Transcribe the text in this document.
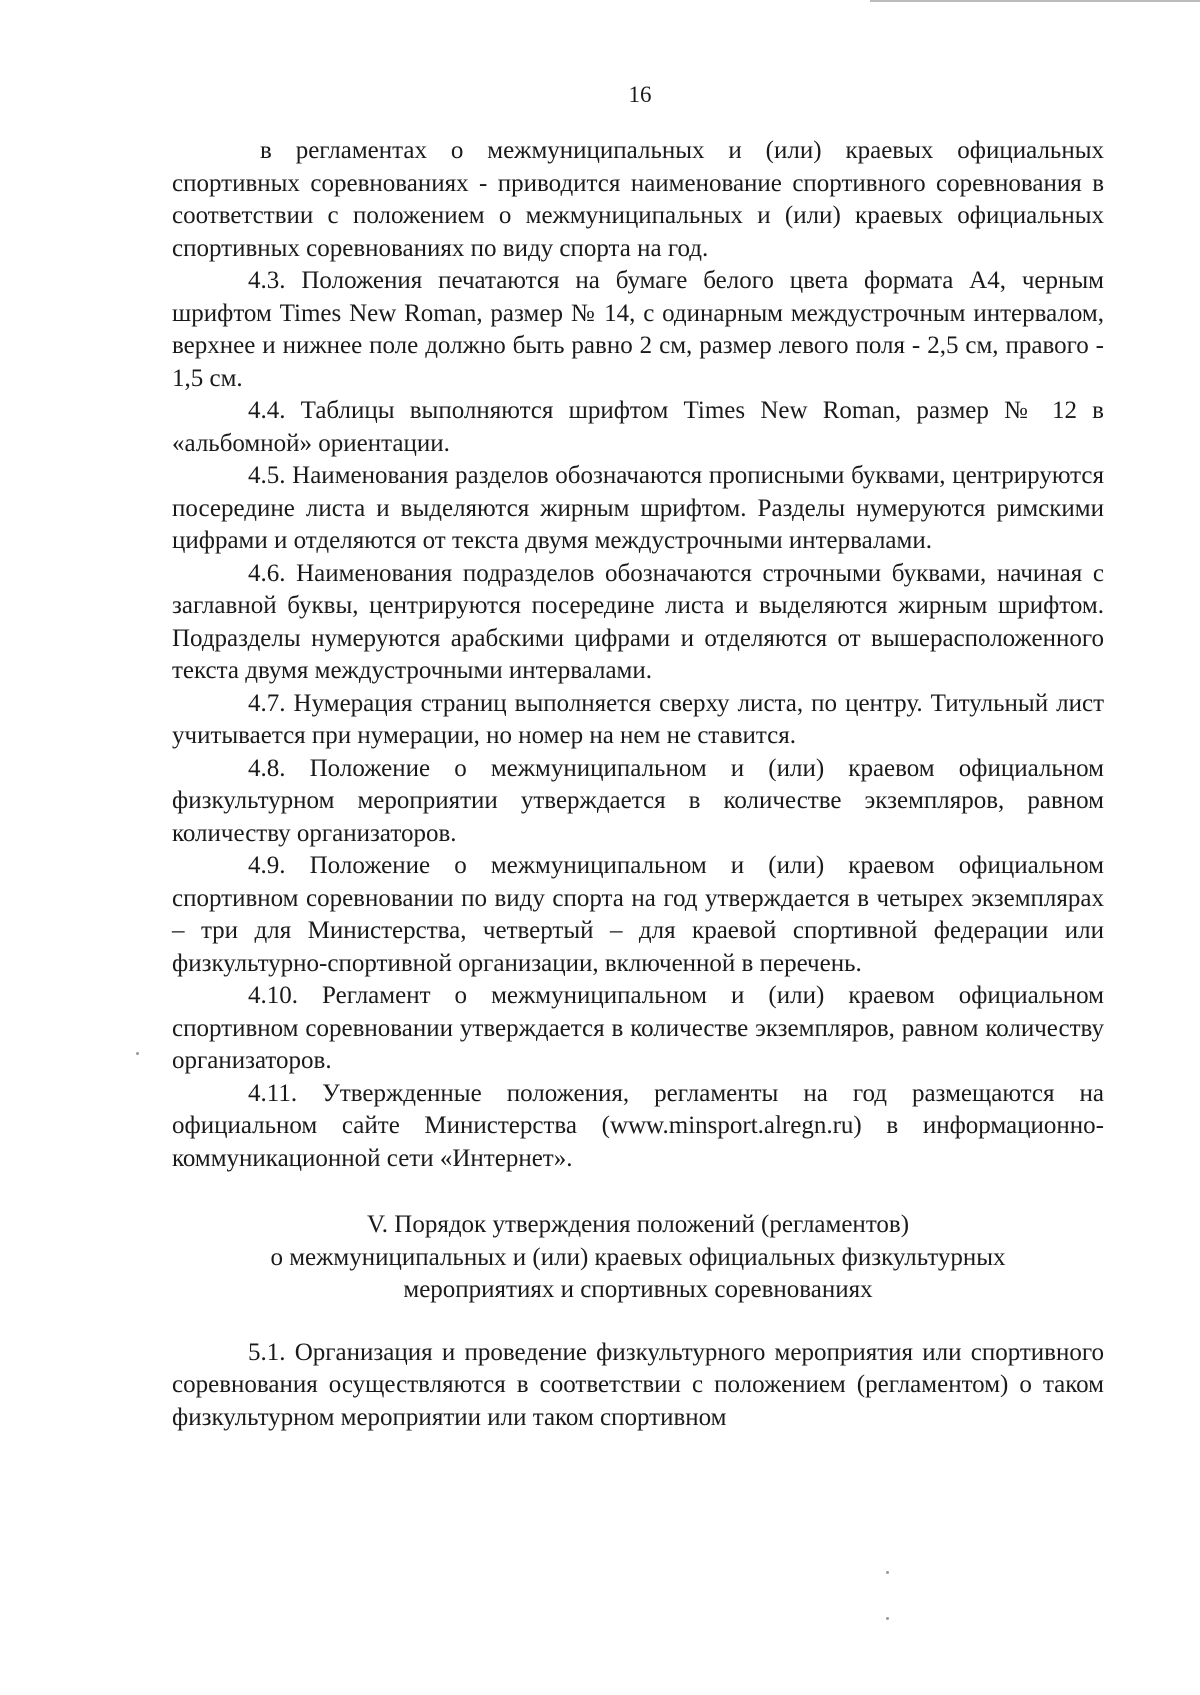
16

в регламентах о межмуниципальных и (или) краевых официальных спортивных соревнованиях - приводится наименование спортивного соревнования в соответствии с положением о межмуниципальных и (или) краевых официальных спортивных соревнованиях по виду спорта на год.

4.3. Положения печатаются на бумаге белого цвета формата А4, черным шрифтом Times New Roman, размер № 14, с одинарным междустрочным интервалом, верхнее и нижнее поле должно быть равно 2 см, размер левого поля - 2,5 см, правого - 1,5 см.

4.4. Таблицы выполняются шрифтом Times New Roman, размер № 12 в «альбомной» ориентации.

4.5. Наименования разделов обозначаются прописными буквами, центрируются посередине листа и выделяются жирным шрифтом. Разделы нумеруются римскими цифрами и отделяются от текста двумя междустрочными интервалами.

4.6. Наименования подразделов обозначаются строчными буквами, начиная с заглавной буквы, центрируются посередине листа и выделяются жирным шрифтом. Подразделы нумеруются арабскими цифрами и отделяются от вышерасположенного текста двумя междустрочными интервалами.

4.7. Нумерация страниц выполняется сверху листа, по центру. Титульный лист учитывается при нумерации, но номер на нем не ставится.

4.8. Положение о межмуниципальном и (или) краевом официальном физкультурном мероприятии утверждается в количестве экземпляров, равном количеству организаторов.

4.9. Положение о межмуниципальном и (или) краевом официальном спортивном соревновании по виду спорта на год утверждается в четырех экземплярах – три для Министерства, четвертый – для краевой спортивной федерации или физкультурно-спортивной организации, включенной в перечень.

4.10. Регламент о межмуниципальном и (или) краевом официальном спортивном соревновании утверждается в количестве экземпляров, равном количеству организаторов.

4.11. Утвержденные положения, регламенты на год размещаются на официальном сайте Министерства (www.minsport.alregn.ru) в информационно-коммуникационной сети «Интернет».

V. Порядок утверждения положений (регламентов)
о межмуниципальных и (или) краевых официальных физкультурных
мероприятиях и спортивных соревнованиях

5.1. Организация и проведение физкультурного мероприятия или спортивного соревнования осуществляются в соответствии с положением (регламентом) о таком физкультурном мероприятии или таком спортивном
